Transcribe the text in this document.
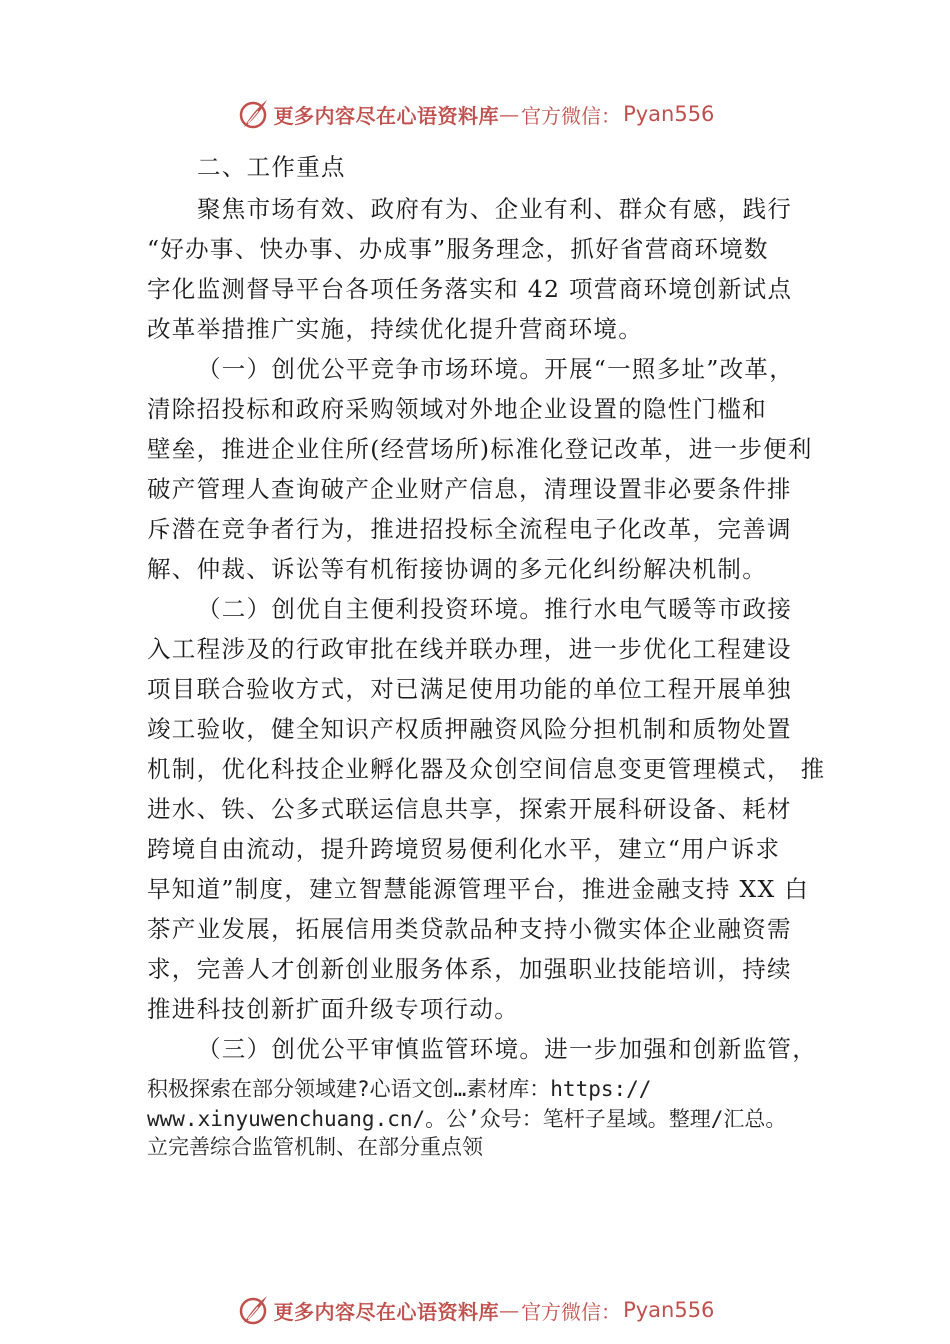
更多内容尽在心语资料库 — 官方微信： Pyan556
二、工作重点
聚焦市场有效、政府有为、企业有利、群众有感，践行
“好办事、快办事、办成事”服务理念，抓好省营商环境数
字化监测督导平台各项任务落实和 42 项营商环境创新试点
改革举措推广实施，持续优化提升营商环境。
（一）创优公平竞争市场环境。开展“一照多址”改革，
清除招投标和政府采购领域对外地企业设置的隐性门槛和
壁垒，推进企业住所(经营场所)标准化登记改革，进一步便利
破产管理人查询破产企业财产信息，清理设置非必要条件排
斥潜在竞争者行为，推进招投标全流程电子化改革，完善调
解、仲裁、诉讼等有机衔接协调的多元化纠纷解决机制。
（二）创优自主便利投资环境。推行水电气暖等市政接
入工程涉及的行政审批在线并联办理，进一步优化工程建设
项目联合验收方式，对已满足使用功能的单位工程开展单独
竣工验收，健全知识产权质押融资风险分担机制和质物处置
机制，优化科技企业孵化器及众创空间信息变更管理模式， 推
进水、铁、公多式联运信息共享，探索开展科研设备、耗材
跨境自由流动，提升跨境贸易便利化水平，建立“用户诉求
早知道”制度，建立智慧能源管理平台，推进金融支持 XX 白
茶产业发展，拓展信用类贷款品种支持小微实体企业融资需
求，完善人才创新创业服务体系，加强职业技能培训，持续
推进科技创新扩面升级专项行动。
（三）创优公平审慎监管环境。进一步加强和创新监管，
积极探索在部分领域建?心语文创…素材库：https://
www.xinyuwenchuang.cn/。公’众号：笔杆子星域。整理/汇总。
立完善综合监管机制、在部分重点领
更多内容尽在心语资料库 — 官方微信： Pyan556
